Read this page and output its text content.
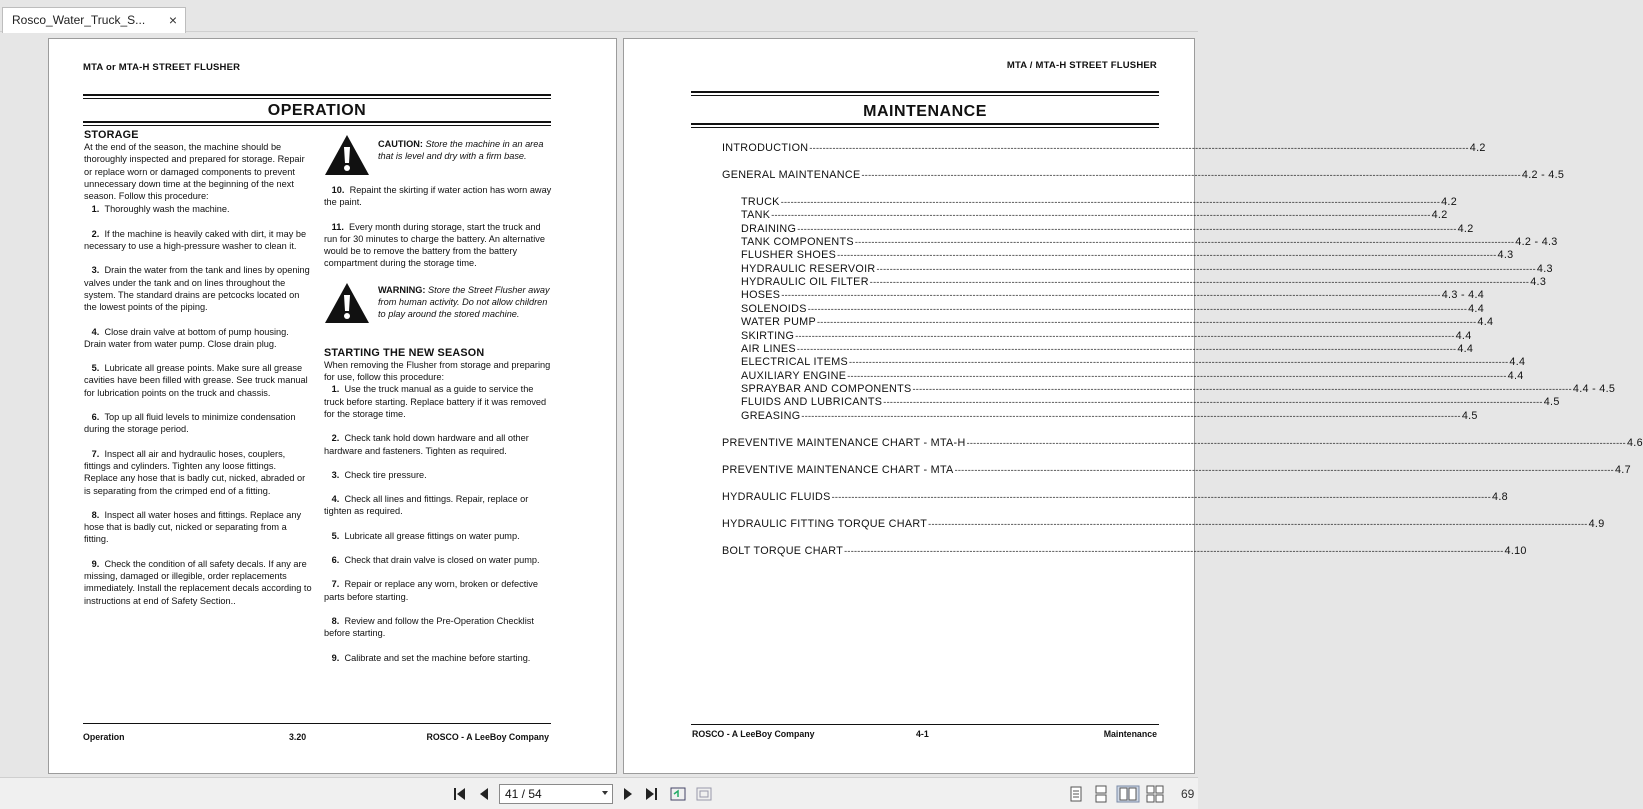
Rosco_Water_Truck_S... ×
MTA or MTA-H STREET FLUSHER
OPERATION
STORAGE
At the end of the season, the machine should be thoroughly inspected and prepared for storage. Repair or replace worn or damaged components to prevent unnecessary down time at the beginning of the next season. Follow this procedure:
1. Thoroughly wash the machine.
2. If the machine is heavily caked with dirt, it may be necessary to use a high-pressure washer to clean it.
3. Drain the water from the tank and lines by opening valves under the tank and on lines throughout the system. The standard drains are petcocks located on the lowest points of the piping.
4. Close drain valve at bottom of pump housing. Drain water from water pump. Close drain plug.
5. Lubricate all grease points. Make sure all grease cavities have been filled with grease. See truck manual for lubrication points on the truck and chassis.
6. Top up all fluid levels to minimize condensation during the storage period.
7. Inspect all air and hydraulic hoses, couplers, fittings and cylinders. Tighten any loose fittings. Replace any hose that is badly cut, nicked, abraded or is separating from the crimped end of a fitting.
8. Inspect all water hoses and fittings. Replace any hose that is badly cut, nicked or separating from a fitting.
9. Check the condition of all safety decals. If any are missing, damaged or illegible, order replacements immediately. Install the replacement decals according to instructions at end of Safety Section..
CAUTION: Store the machine in an area that is level and dry with a firm base.
10. Repaint the skirting if water action has worn away the paint.
11. Every month during storage, start the truck and run for 30 minutes to charge the battery. An alternative would be to remove the battery from the battery compartment during the storage time.
WARNING: Store the Street Flusher away from human activity. Do not allow children to play around the stored machine.
STARTING THE NEW SEASON
When removing the Flusher from storage and preparing for use, follow this procedure:
1. Use the truck manual as a guide to service the truck before starting. Replace battery if it was removed for the storage time.
2. Check tank hold down hardware and all other hardware and fasteners. Tighten as required.
3. Check tire pressure.
4. Check all lines and fittings. Repair, replace or tighten as required.
5. Lubricate all grease fittings on water pump.
6. Check that drain valve is closed on water pump.
7. Repair or replace any worn, broken or defective parts before starting.
8. Review and follow the Pre-Operation Checklist before starting.
9. Calibrate and set the machine before starting.
Operation	3.20	ROSCO - A LeeBoy Company
MTA / MTA-H STREET FLUSHER
MAINTENANCE
INTRODUCTION -------------------------------------------------------------------------------------------------------------------------------------------------------------------------------------------------------- 4.2
GENERAL MAINTENANCE -------------------------------------------------------------------------------------------------------------------------------------------------------------------------------------------------------- 4.2 - 4.5
TRUCK -------------------------------------------------------------------------------------------------------------------------------------------------------------------------------------------------------- 4.2
TANK -------------------------------------------------------------------------------------------------------------------------------------------------------------------------------------------------------- 4.2
DRAINING -------------------------------------------------------------------------------------------------------------------------------------------------------------------------------------------------------- 4.2
TANK COMPONENTS -------------------------------------------------------------------------------------------------------------------------------------------------------------------------------------------------------- 4.2 - 4.3
FLUSHER SHOES -------------------------------------------------------------------------------------------------------------------------------------------------------------------------------------------------------- 4.3
HYDRAULIC RESERVOIR -------------------------------------------------------------------------------------------------------------------------------------------------------------------------------------------------------- 4.3
HYDRAULIC OIL FILTER -------------------------------------------------------------------------------------------------------------------------------------------------------------------------------------------------------- 4.3
HOSES -------------------------------------------------------------------------------------------------------------------------------------------------------------------------------------------------------- 4.3 - 4.4
SOLENOIDS -------------------------------------------------------------------------------------------------------------------------------------------------------------------------------------------------------- 4.4
WATER PUMP -------------------------------------------------------------------------------------------------------------------------------------------------------------------------------------------------------- 4.4
SKIRTING -------------------------------------------------------------------------------------------------------------------------------------------------------------------------------------------------------- 4.4
AIR LINES -------------------------------------------------------------------------------------------------------------------------------------------------------------------------------------------------------- 4.4
ELECTRICAL ITEMS -------------------------------------------------------------------------------------------------------------------------------------------------------------------------------------------------------- 4.4
AUXILIARY ENGINE -------------------------------------------------------------------------------------------------------------------------------------------------------------------------------------------------------- 4.4
SPRAYBAR AND COMPONENTS -------------------------------------------------------------------------------------------------------------------------------------------------------------------------------------------------------- 4.4 - 4.5
FLUIDS AND LUBRICANTS -------------------------------------------------------------------------------------------------------------------------------------------------------------------------------------------------------- 4.5
GREASING -------------------------------------------------------------------------------------------------------------------------------------------------------------------------------------------------------- 4.5
PREVENTIVE MAINTENANCE CHART - MTA-H -------------------------------------------------------------------------------------------------------------------------------------------------------------------------------------------------------- 4.6
PREVENTIVE MAINTENANCE CHART - MTA -------------------------------------------------------------------------------------------------------------------------------------------------------------------------------------------------------- 4.7
HYDRAULIC FLUIDS -------------------------------------------------------------------------------------------------------------------------------------------------------------------------------------------------------- 4.8
HYDRAULIC FITTING TORQUE CHART -------------------------------------------------------------------------------------------------------------------------------------------------------------------------------------------------------- 4.9
BOLT TORQUE CHART -------------------------------------------------------------------------------------------------------------------------------------------------------------------------------------------------------- 4.10
ROSCO - A LeeBoy Company	4-1	Maintenance
41 / 54	69
